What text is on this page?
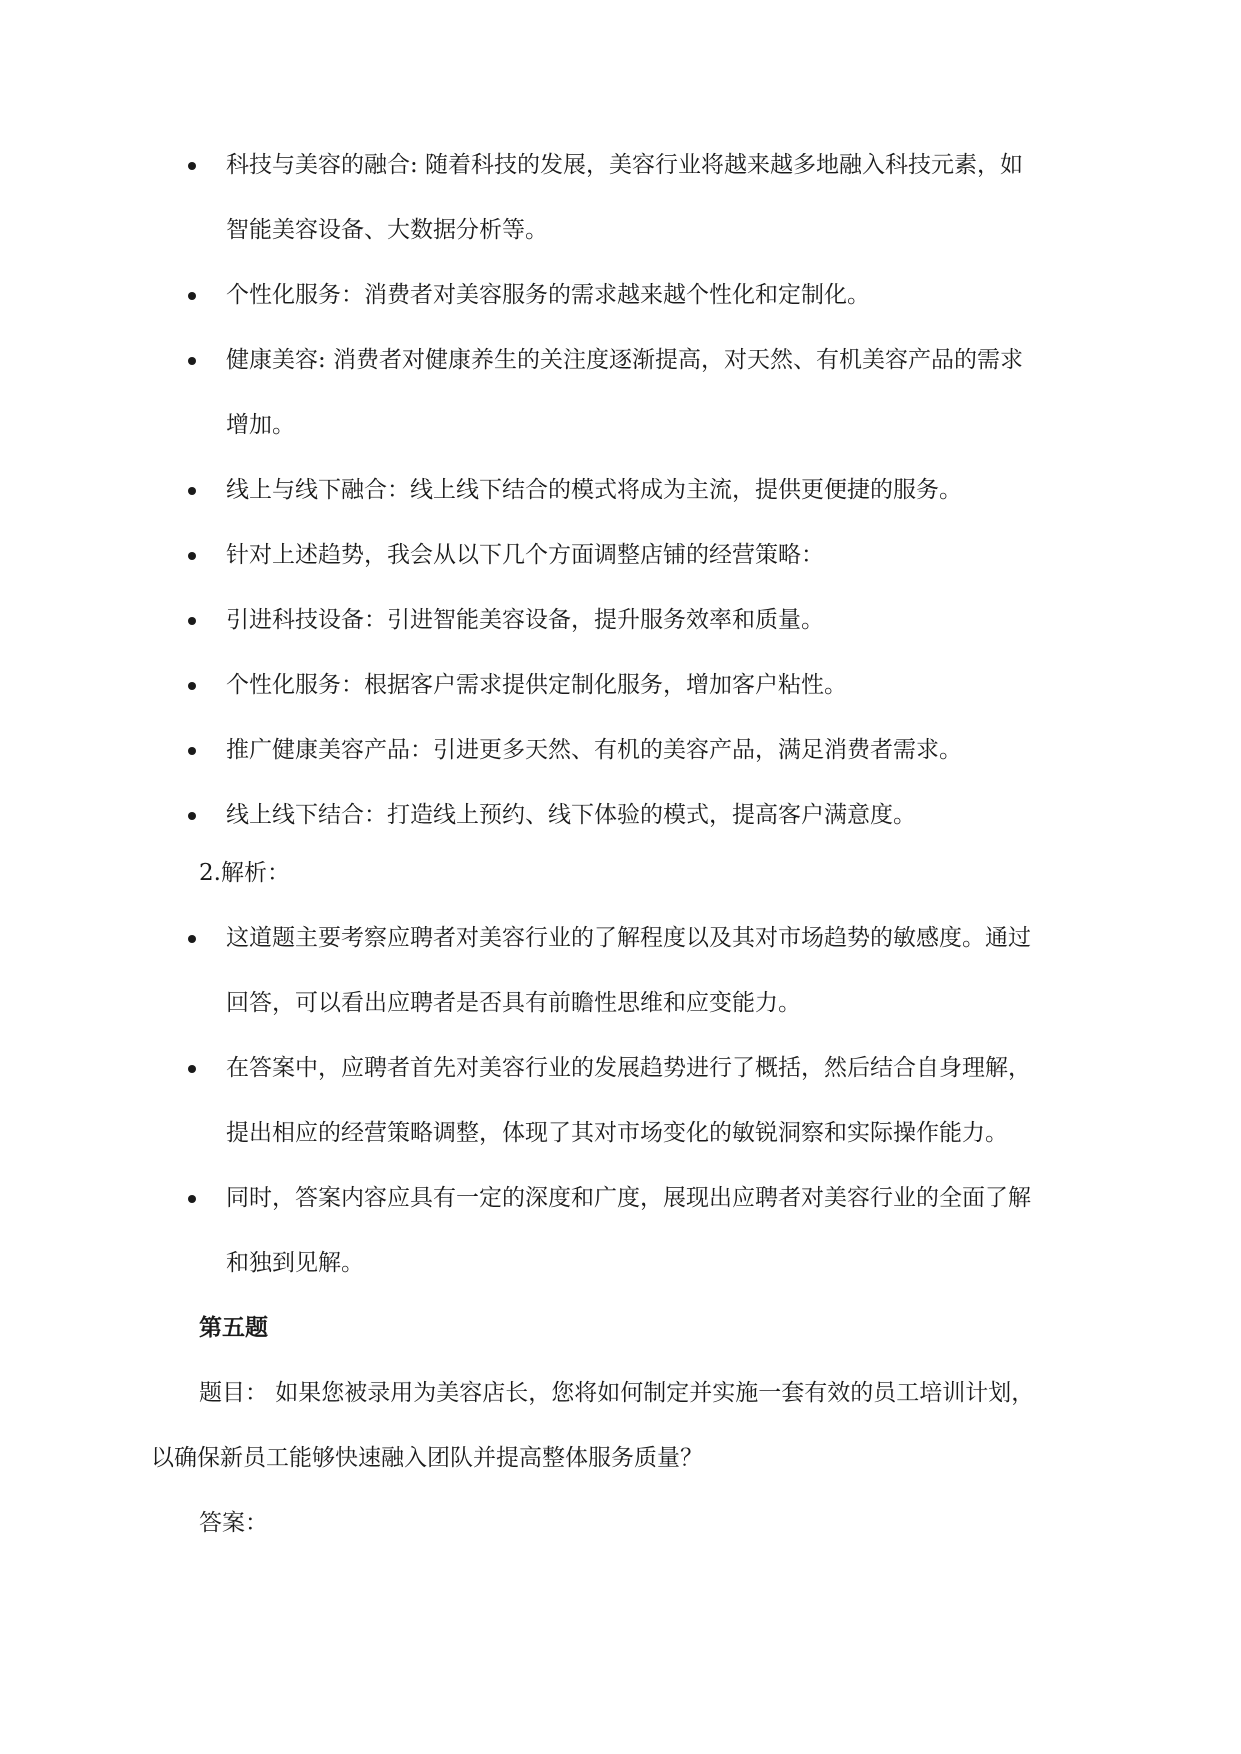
科技与美容的融合: 随着科技的发展，美容行业将越来越多地融入科技元素，如
智能美容设备、大数据分析等。
个性化服务：消费者对美容服务的需求越来越个性化和定制化。
健康美容: 消费者对健康养生的关注度逐渐提高，对天然、有机美容产品的需求
增加。
线上与线下融合：线上线下结合的模式将成为主流，提供更便捷的服务。
针对上述趋势，我会从以下几个方面调整店铺的经营策略：
引进科技设备：引进智能美容设备，提升服务效率和质量。
个性化服务：根据客户需求提供定制化服务，增加客户粘性。
推广健康美容产品：引进更多天然、有机的美容产品，满足消费者需求。
线上线下结合：打造线上预约、线下体验的模式，提高客户满意度。
2.解析：
这道题主要考察应聘者对美容行业的了解程度以及其对市场趋势的敏感度。通过
回答，可以看出应聘者是否具有前瞻性思维和应变能力。
在答案中，应聘者首先对美容行业的发展趋势进行了概括，然后结合自身理解，
提出相应的经营策略调整，体现了其对市场变化的敏锐洞察和实际操作能力。
同时，答案内容应具有一定的深度和广度，展现出应聘者对美容行业的全面了解
和独到见解。
第五题
题目： 如果您被录用为美容店长，您将如何制定并实施一套有效的员工培训计划，
以确保新员工能够快速融入团队并提高整体服务质量？
答案：
